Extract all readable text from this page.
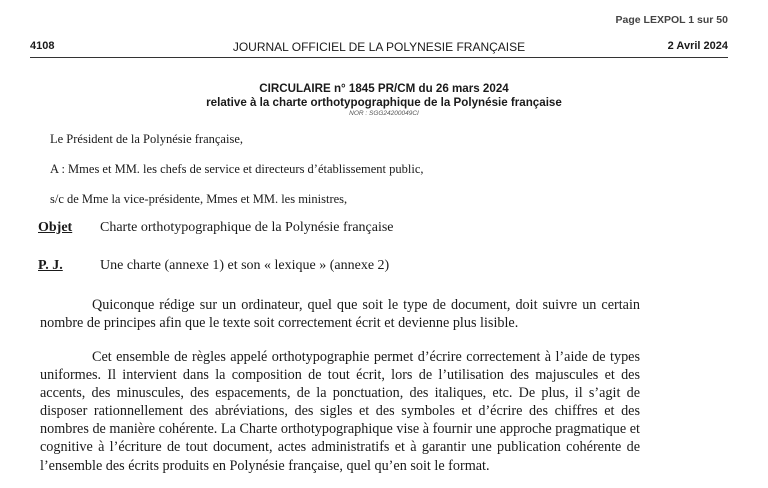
Page LEXPOL 1 sur 50
JOURNAL OFFICIEL DE LA POLYNESIE FRANÇAISE
4108	2 Avril 2024
CIRCULAIRE n° 1845 PR/CM du 26 mars 2024
relative à la charte orthotypographique de la Polynésie française
NOR : SGG24200049CI
Le Président de la Polynésie française,
A : Mmes et MM. les chefs de service et directeurs d’établissement public,
s/c de Mme la vice-présidente, Mmes et MM. les ministres,
Objet Charte orthotypographique de la Polynésie française
P. J.	Une charte (annexe 1) et son « lexique » (annexe 2)

Quiconque rédige sur un ordinateur, quel que soit le type de document, doit suivre un certain nombre de principes afin que le texte soit correctement écrit et devienne plus lisible.

Cet ensemble de règles appelé orthotypographie permet d’écrire correctement à l’aide de types uniformes. Il intervient dans la composition de tout écrit, lors de l’utilisation des majuscules et des accents, des minuscules, des espacements, de la ponctuation, des italiques, etc. De plus, il s’agit de disposer rationnellement des abréviations, des sigles et des symboles et d’écrire des chiffres et des nombres de manière cohérente. La Charte orthotypographique vise à fournir une approche pragmatique et cognitive à l’écriture de tout document, actes administratifs et à garantir une publication cohérente de l’ensemble des écrits produits en Polynésie française, quel qu’en soit le format.
